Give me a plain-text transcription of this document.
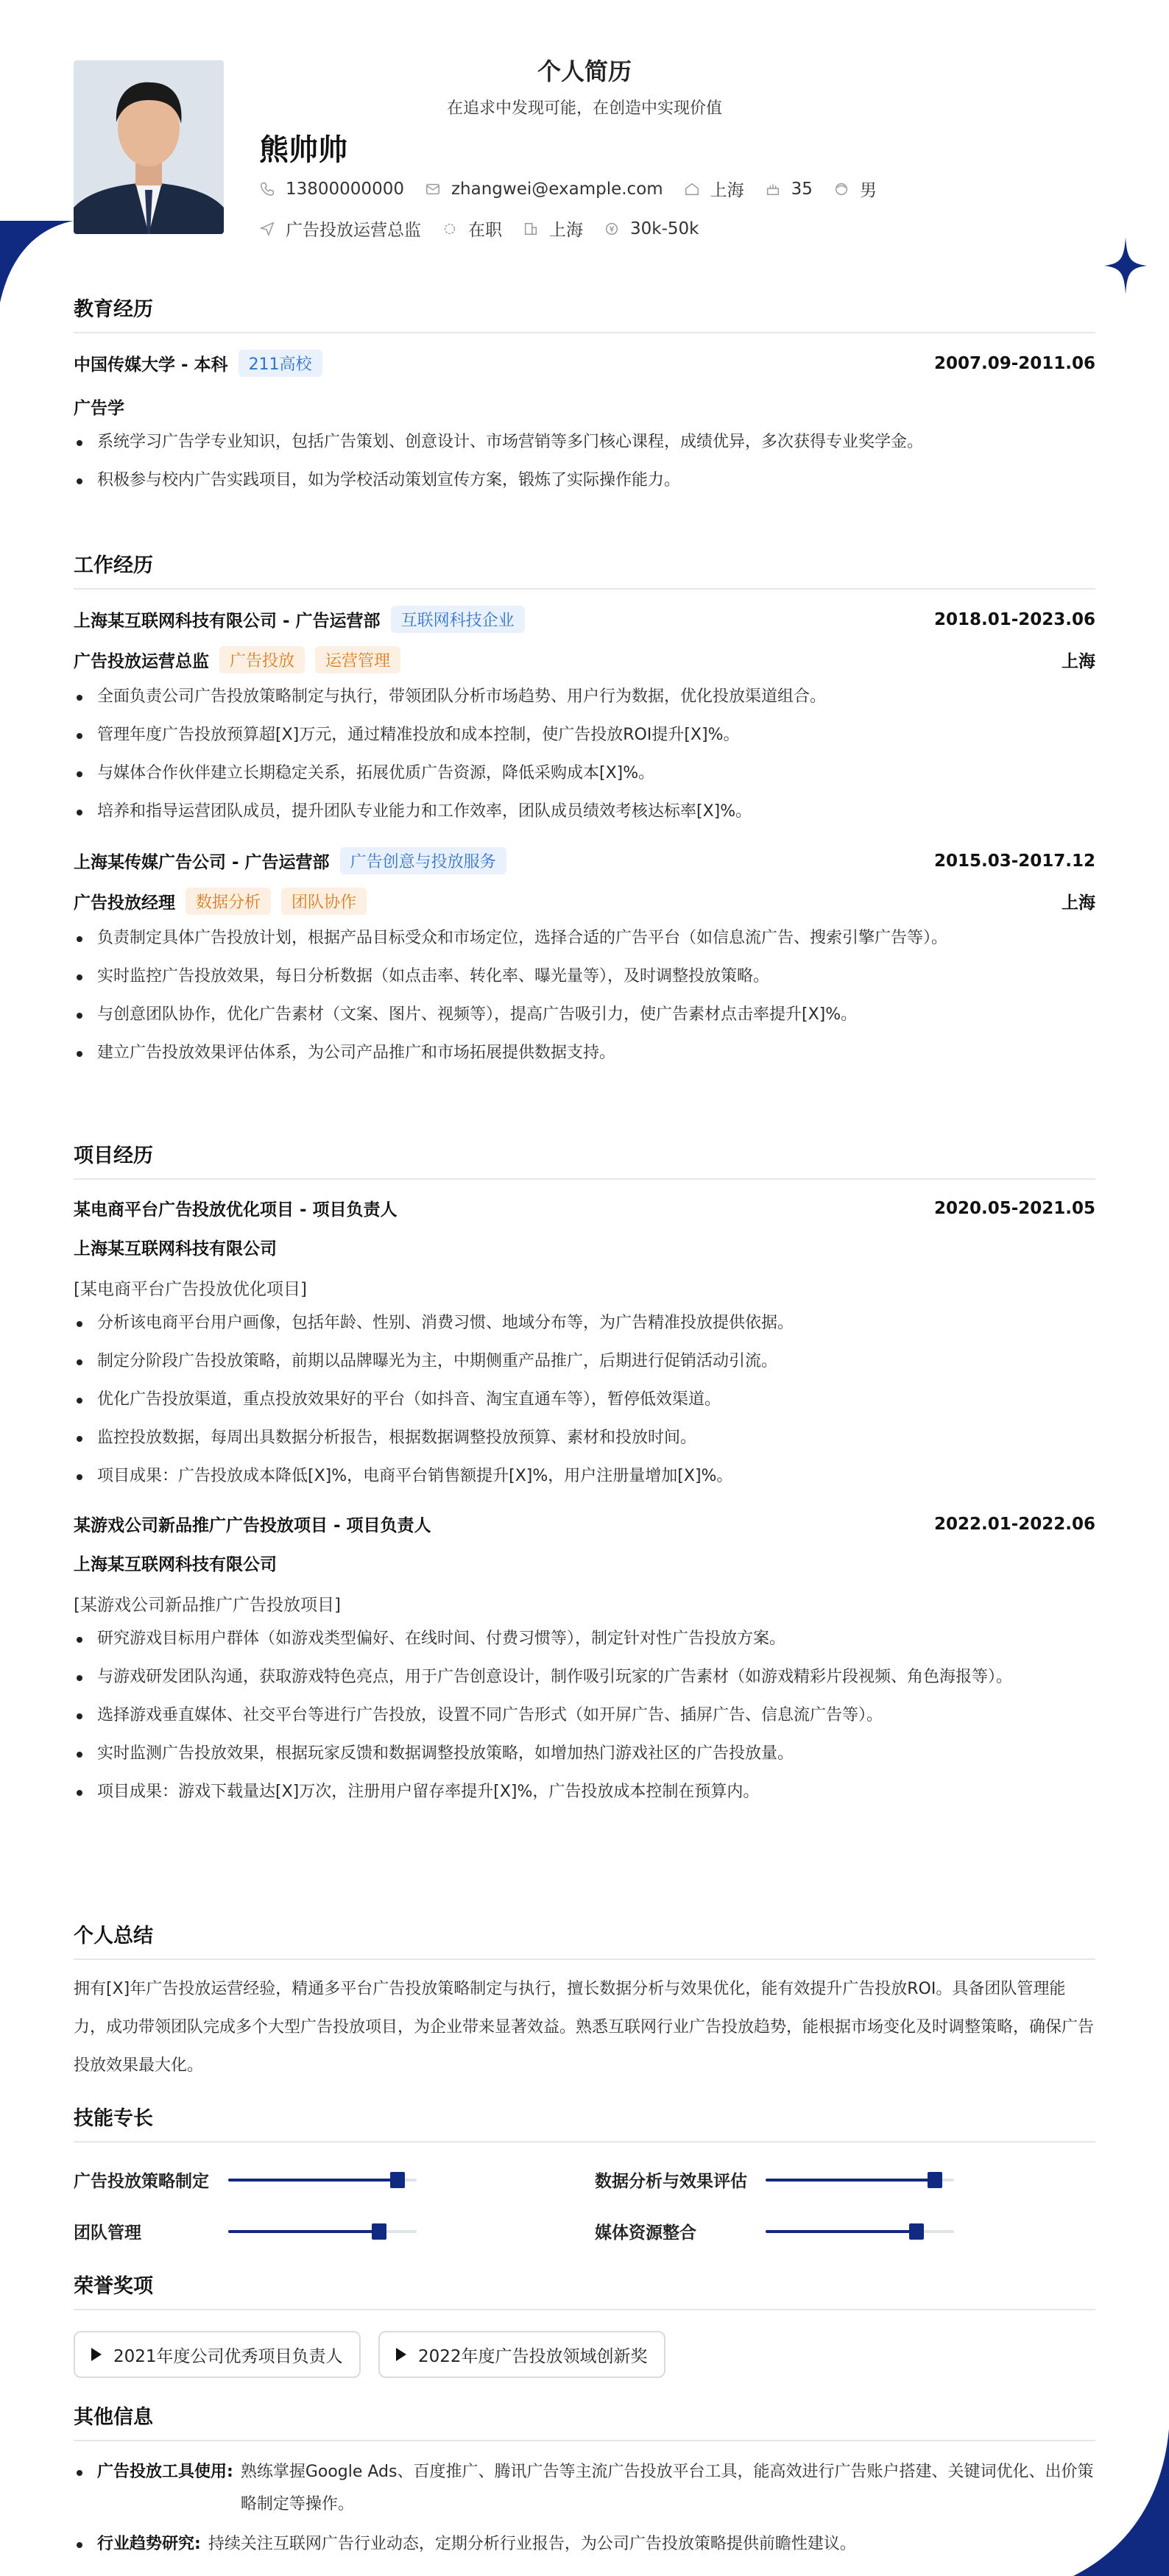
个人简历
在追求中发现可能，在创造中实现价值
熊帅帅
13800000000	zhangwei@example.com	上海	35	男
广告投放运营总监	在职	上海	30k-50k
教育经历
中国传媒大学 - 本科	211高校	2007.09-2011.06
广告学
系统学习广告学专业知识，包括广告策划、创意设计、市场营销等多门核心课程，成绩优异，多次获得专业奖学金。
积极参与校内广告实践项目，如为学校活动策划宣传方案，锻炼了实际操作能力。
工作经历
上海某互联网科技有限公司 - 广告运营部	互联网科技企业	2018.01-2023.06
广告投放运营总监	广告投放	运营管理	上海
全面负责公司广告投放策略制定与执行，带领团队分析市场趋势、用户行为数据，优化投放渠道组合。
管理年度广告投放预算超[X]万元，通过精准投放和成本控制，使广告投放ROI提升[X]%。
与媒体合作伙伴建立长期稳定关系，拓展优质广告资源，降低采购成本[X]%。
培养和指导运营团队成员，提升团队专业能力和工作效率，团队成员绩效考核达标率[X]%。
上海某传媒广告公司 - 广告运营部	广告创意与投放服务	2015.03-2017.12
广告投放经理	数据分析	团队协作	上海
负责制定具体广告投放计划，根据产品目标受众和市场定位，选择合适的广告平台（如信息流广告、搜索引擎广告等）。
实时监控广告投放效果，每日分析数据（如点击率、转化率、曝光量等），及时调整投放策略。
与创意团队协作，优化广告素材（文案、图片、视频等），提高广告吸引力，使广告素材点击率提升[X]%。
建立广告投放效果评估体系，为公司产品推广和市场拓展提供数据支持。
项目经历
某电商平台广告投放优化项目 - 项目负责人	2020.05-2021.05
上海某互联网科技有限公司
[某电商平台广告投放优化项目]
分析该电商平台用户画像，包括年龄、性别、消费习惯、地域分布等，为广告精准投放提供依据。
制定分阶段广告投放策略，前期以品牌曝光为主，中期侧重产品推广，后期进行促销活动引流。
优化广告投放渠道，重点投放效果好的平台（如抖音、淘宝直通车等），暂停低效渠道。
监控投放数据，每周出具数据分析报告，根据数据调整投放预算、素材和投放时间。
项目成果：广告投放成本降低[X]%，电商平台销售额提升[X]%，用户注册量增加[X]%。
某游戏公司新品推广广告投放项目 - 项目负责人	2022.01-2022.06
上海某互联网科技有限公司
[某游戏公司新品推广广告投放项目]
研究游戏目标用户群体（如游戏类型偏好、在线时间、付费习惯等），制定针对性广告投放方案。
与游戏研发团队沟通，获取游戏特色亮点，用于广告创意设计，制作吸引玩家的广告素材（如游戏精彩片段视频、角色海报等）。
选择游戏垂直媒体、社交平台等进行广告投放，设置不同广告形式（如开屏广告、插屏广告、信息流广告等）。
实时监测广告投放效果，根据玩家反馈和数据调整投放策略，如增加热门游戏社区的广告投放量。
项目成果：游戏下载量达[X]万次，注册用户留存率提升[X]%，广告投放成本控制在预算内。
个人总结
拥有[X]年广告投放运营经验，精通多平台广告投放策略制定与执行，擅长数据分析与效果优化，能有效提升广告投放ROI。具备团队管理能力，成功带领团队完成多个大型广告投放项目，为企业带来显著效益。熟悉互联网行业广告投放趋势，能根据市场变化及时调整策略，确保广告投放效果最大化。
技能专长
广告投放策略制定	数据分析与效果评估
团队管理	媒体资源整合
荣誉奖项
2021年度公司优秀项目负责人	2022年度广告投放领域创新奖
其他信息
广告投放工具使用: 熟练掌握Google Ads、百度推广、腾讯广告等主流广告投放平台工具，能高效进行广告账户搭建、关键词优化、出价策略制定等操作。
行业趋势研究: 持续关注互联网广告行业动态，定期分析行业报告，为公司广告投放策略提供前瞻性建议。
